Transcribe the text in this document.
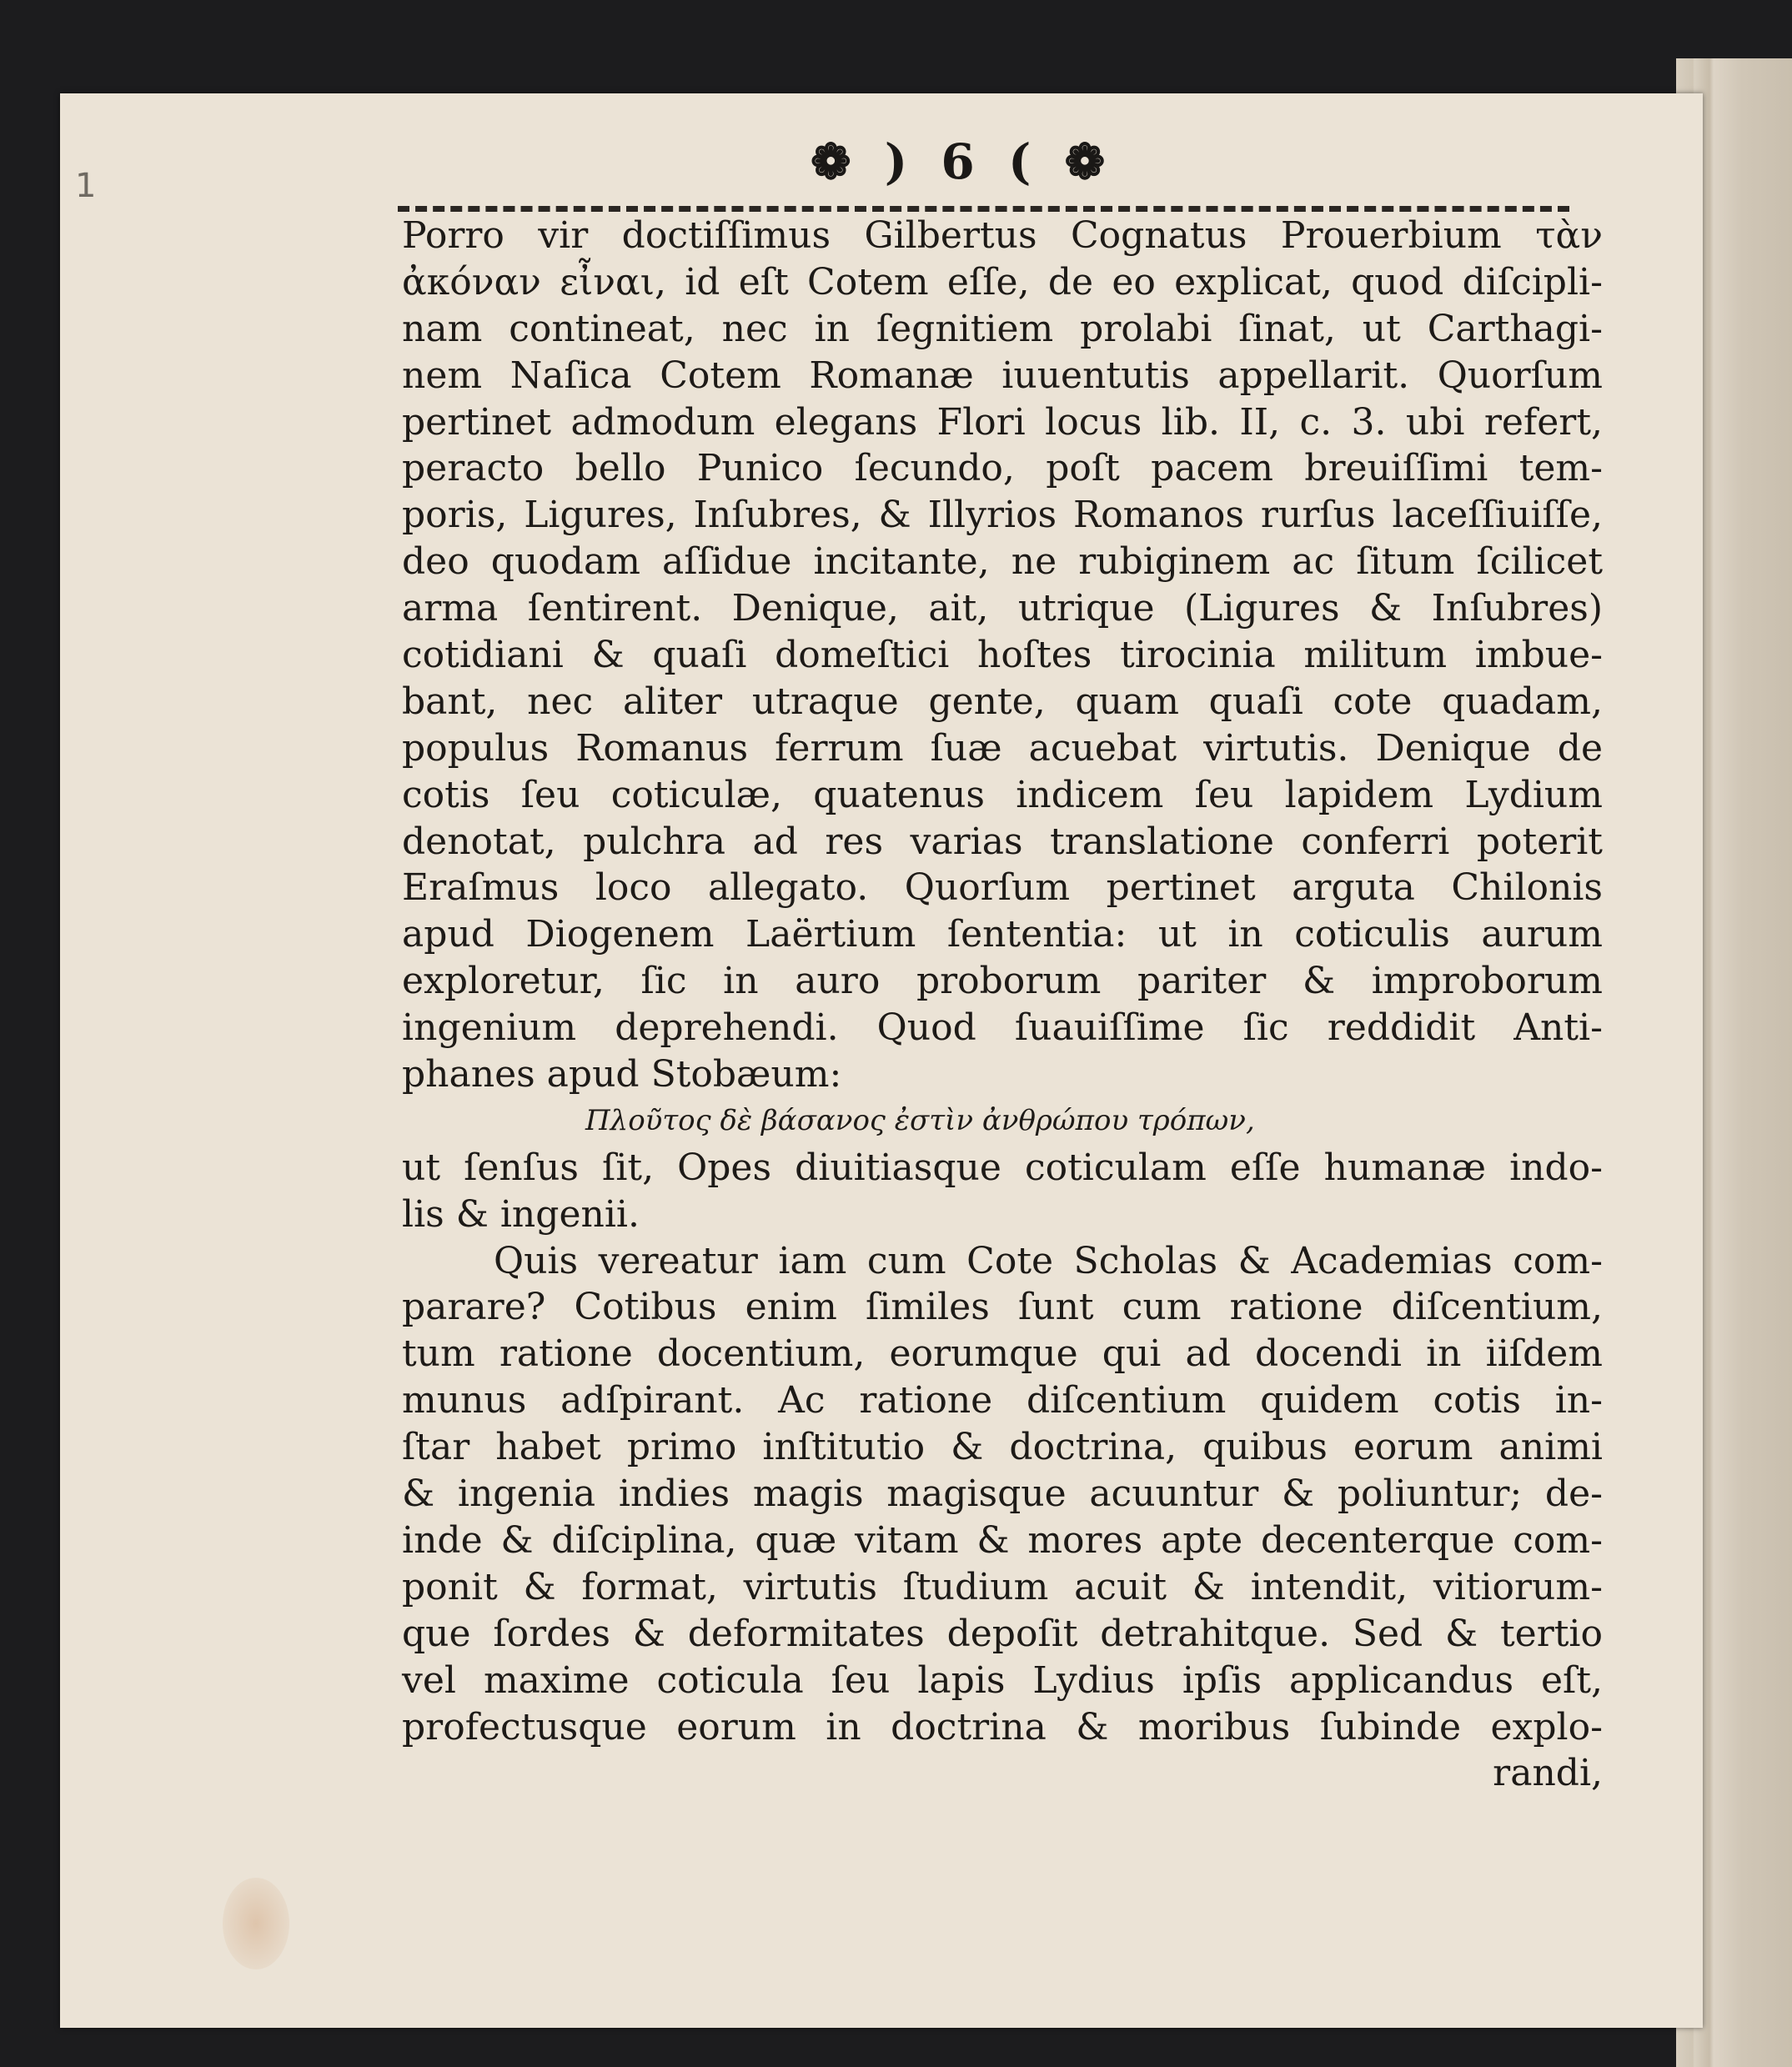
1	❁ ) 6 ( ❁
Porro vir doctiſſimus Gilbertus Cognatus Prouerbium τὰν
ἀκόναν εἶναι, id eſt Cotem eſſe, de eo explicat, quod diſcipli-
nam contineat, nec in ſegnitiem prolabi ſinat, ut Carthagi-
nem Naſica Cotem Romanæ iuuentutis appellarit. Quorſum
pertinet admodum elegans Flori locus lib. II, c. 3. ubi refert,
peracto bello Punico ſecundo, poſt pacem breuiſſimi tem-
poris, Ligures, Inſubres, & Illyrios Romanos rurſus laceſſiuiſſe,
deo quodam aſſidue incitante, ne rubiginem ac ſitum ſcilicet
arma ſentirent. Denique, ait, utrique (Ligures & Inſubres)
cotidiani & quaſi domeſtici hoſtes tirocinia militum imbue-
bant, nec aliter utraque gente, quam quaſi cote quadam,
populus Romanus ferrum ſuæ acuebat virtutis. Denique de
cotis ſeu coticulæ, quatenus indicem ſeu lapidem Lydium
denotat, pulchra ad res varias translatione conferri poterit
Eraſmus loco allegato. Quorſum pertinet arguta Chilonis
apud Diogenem Laërtium ſententia: ut in coticulis aurum
exploretur, ſic in auro proborum pariter & improborum
ingenium deprehendi. Quod ſuauiſſime ſic reddidit Anti-
phanes apud Stobæum:
Πλοῦτος δὲ βάσανος ἐστὶν ἀνθρώπου τρόπων,
ut ſenſus ſit, Opes diuitiasque coticulam eſſe humanæ indo-
lis & ingenii.
Quis vereatur iam cum Cote Scholas & Academias com-
parare? Cotibus enim ſimiles ſunt cum ratione diſcentium,
tum ratione docentium, eorumque qui ad docendi in iiſdem
munus adſpirant. Ac ratione diſcentium quidem cotis in-
ſtar habet primo inſtitutio & doctrina, quibus eorum animi
& ingenia indies magis magisque acuuntur & poliuntur; de-
inde & diſciplina, quæ vitam & mores apte decenterque com-
ponit & format, virtutis ſtudium acuit & intendit, vitiorum-
que ſordes & deformitates depoſit detrahitque. Sed & tertio
vel maxime coticula ſeu lapis Lydius ipſis applicandus eſt,
profectusque eorum in doctrina & moribus ſubinde explo-
randi,
